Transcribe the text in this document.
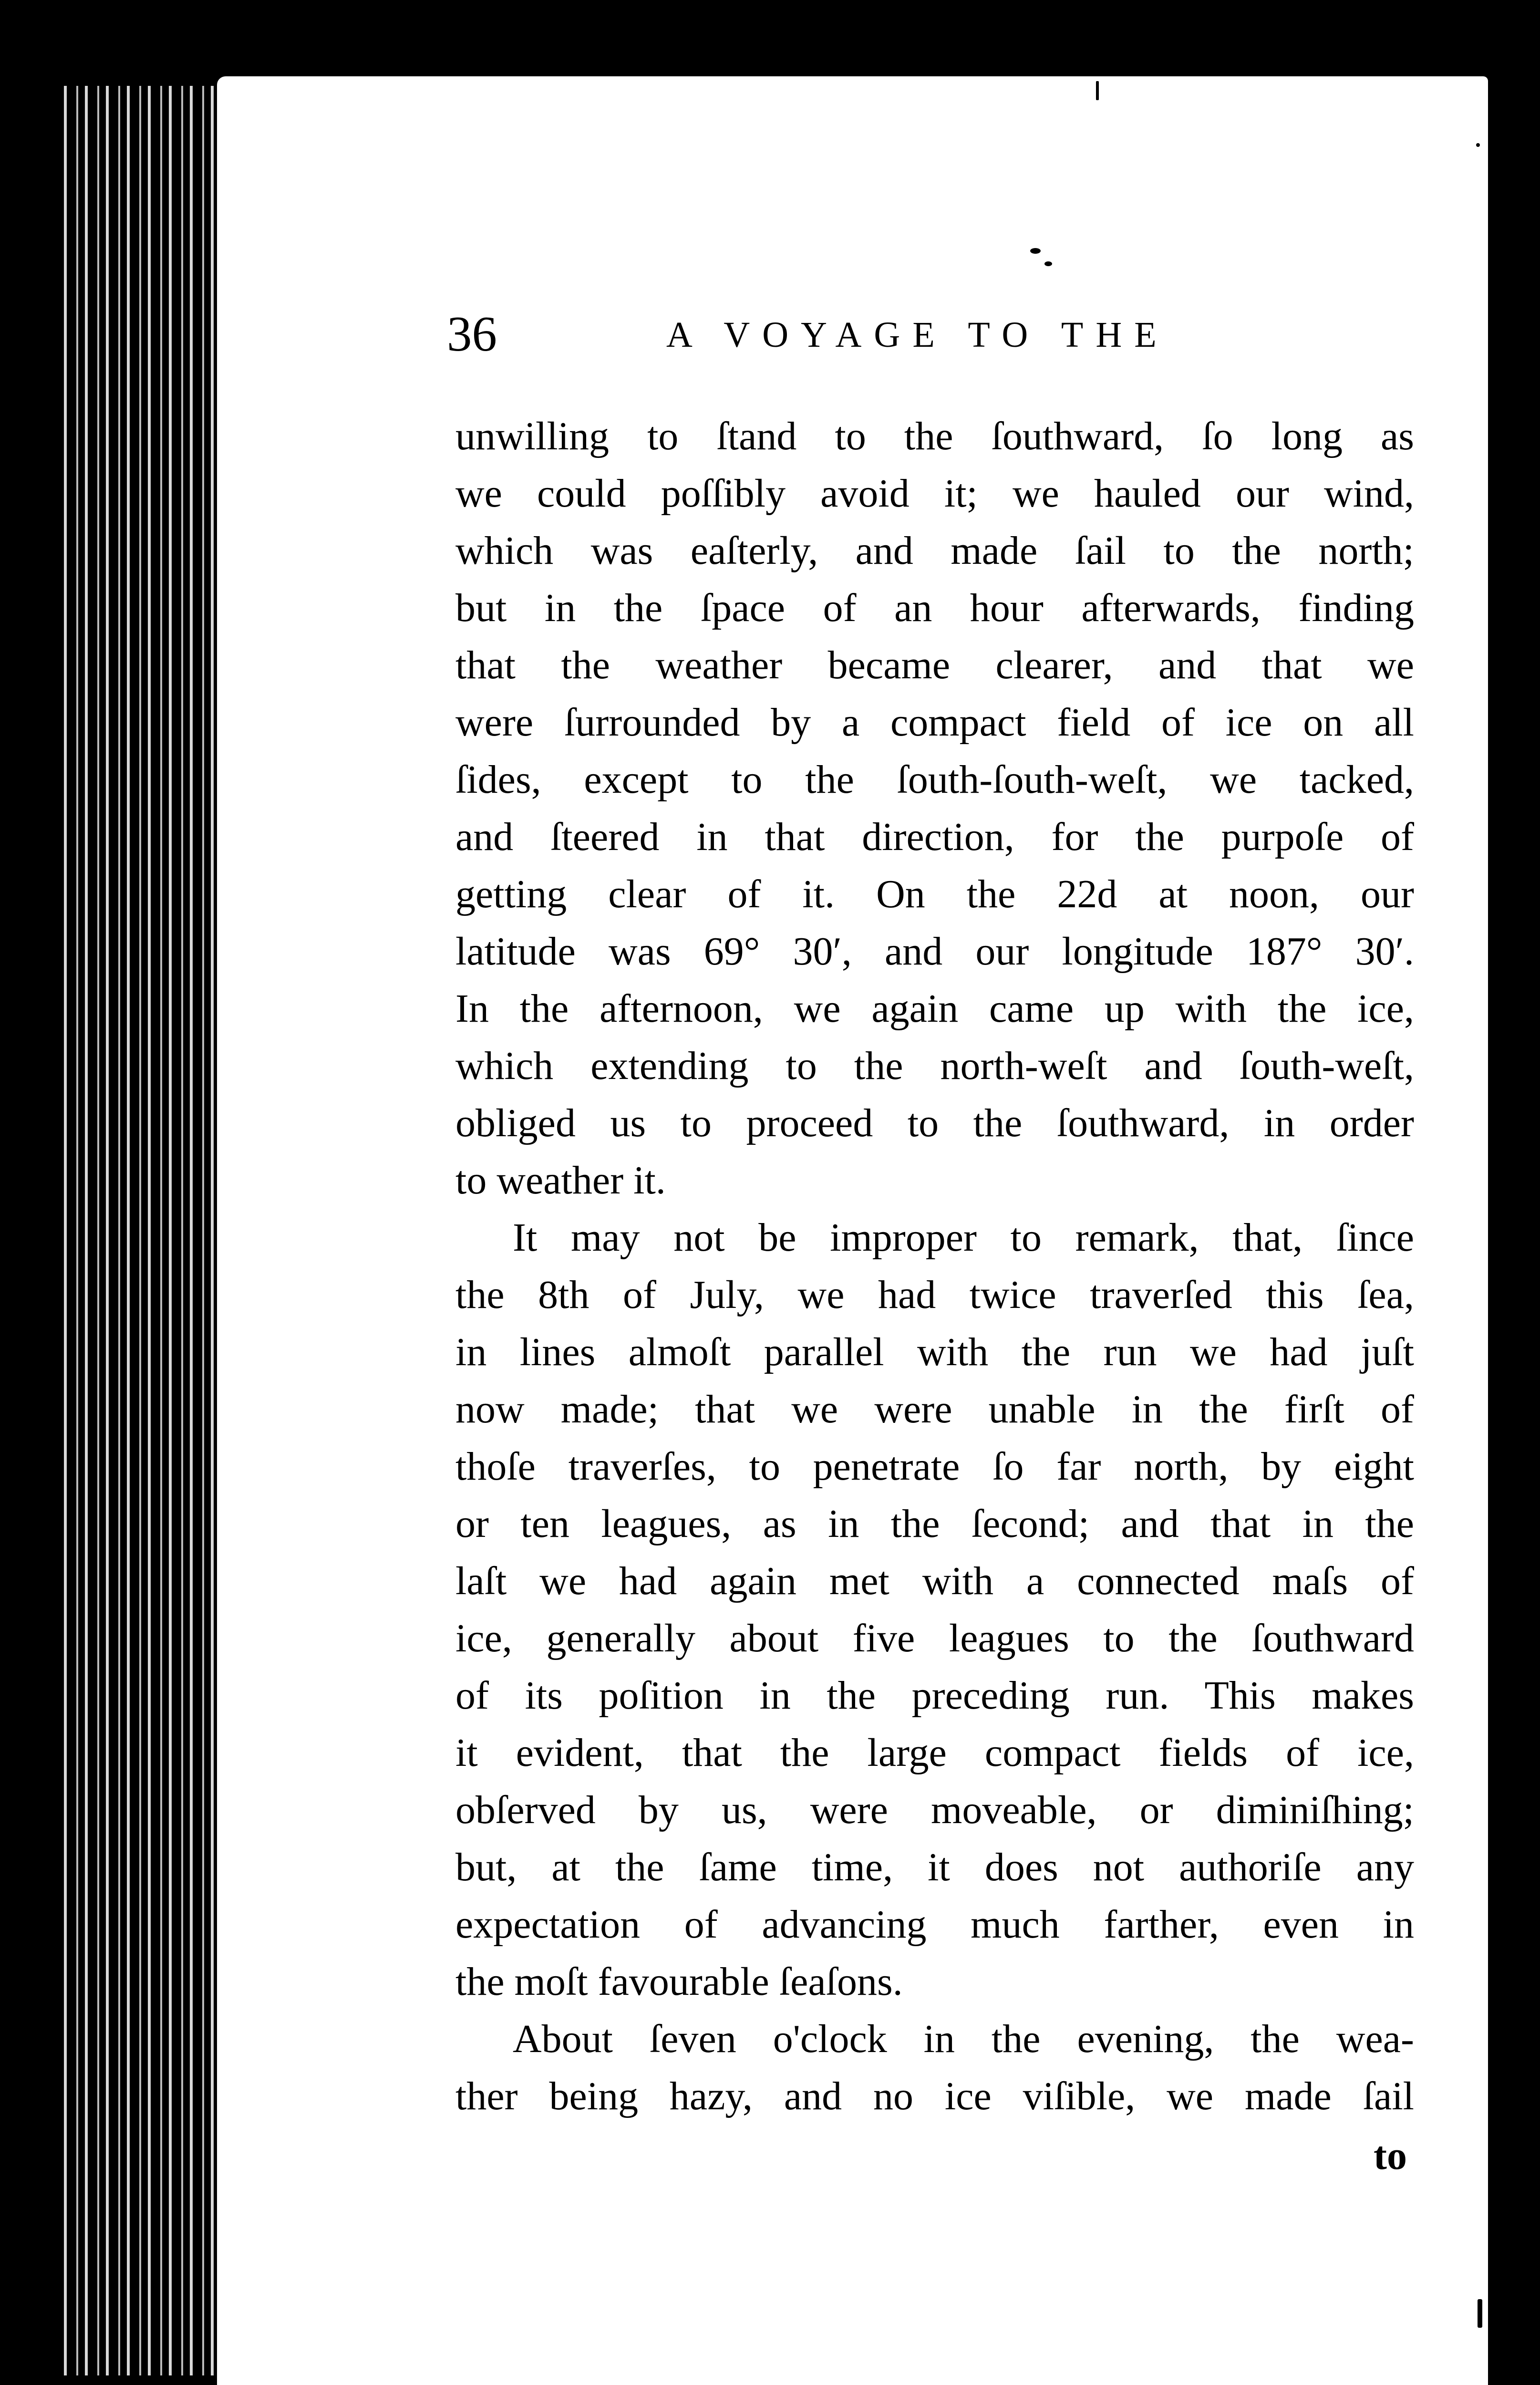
36	A VOYAGE TO THE
unwilling to ſtand to the ſouthward, ſo long as
we could poſſibly avoid it; we hauled our wind,
which was eaſterly, and made ſail to the north;
but in the ſpace of an hour afterwards, finding
that the weather became clearer, and that we
were ſurrounded by a compact field of ice on all
ſides, except to the ſouth-ſouth-weſt, we tacked,
and ſteered in that direction, for the purpoſe of
getting clear of it. On the 22d at noon, our
latitude was 69° 30′, and our longitude 187° 30′.
In the afternoon, we again came up with the ice,
which extending to the north-weſt and ſouth-weſt,
obliged us to proceed to the ſouthward, in order
to weather it.
It may not be improper to remark, that, ſince
the 8th of July, we had twice traverſed this ſea,
in lines almoſt parallel with the run we had juſt
now made; that we were unable in the firſt of
thoſe traverſes, to penetrate ſo far north, by eight
or ten leagues, as in the ſecond; and that in the
laſt we had again met with a connected maſs of
ice, generally about five leagues to the ſouthward
of its poſition in the preceding run. This makes
it evident, that the large compact fields of ice,
obſerved by us, were moveable, or diminiſhing;
but, at the ſame time, it does not authoriſe any
expectation of advancing much farther, even in
the moſt favourable ſeaſons.
About ſeven o'clock in the evening, the wea-
ther being hazy, and no ice viſible, we made ſail
to
